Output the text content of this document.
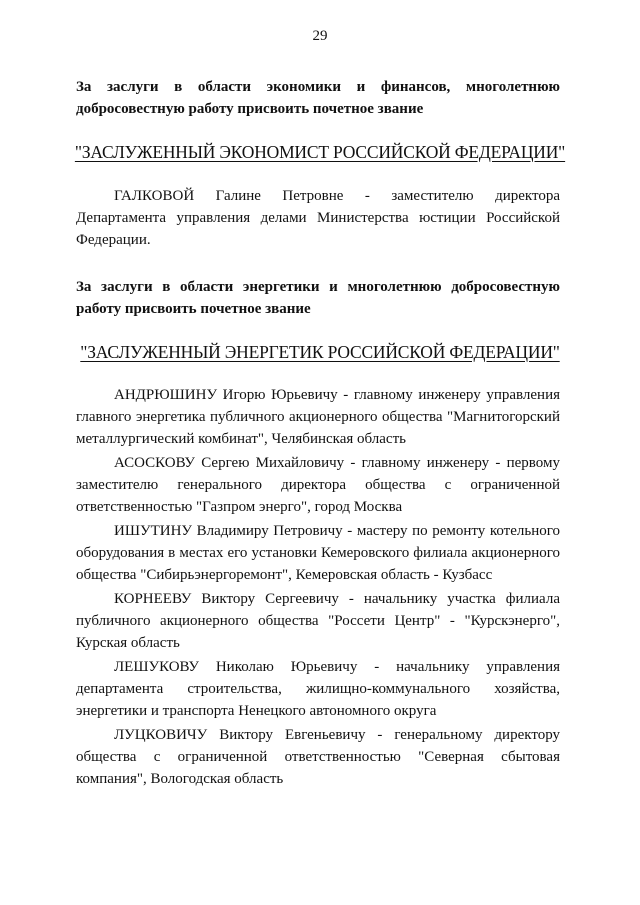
29
За заслуги в области экономики и финансов, многолетнюю добросовестную работу присвоить почетное звание
"ЗАСЛУЖЕННЫЙ ЭКОНОМИСТ РОССИЙСКОЙ ФЕДЕРАЦИИ"
ГАЛКОВОЙ Галине Петровне - заместителю директора Департамента управления делами Министерства юстиции Российской Федерации.
За заслуги в области энергетики и многолетнюю добросовестную работу присвоить почетное звание
"ЗАСЛУЖЕННЫЙ ЭНЕРГЕТИК РОССИЙСКОЙ ФЕДЕРАЦИИ"

АНДРЮШИНУ Игорю Юрьевичу - главному инженеру управления главного энергетика публичного акционерного общества "Магнитогорский металлургический комбинат", Челябинская область

АСОСКОВУ Сергею Михайловичу - главному инженеру - первому заместителю генерального директора общества с ограниченной ответственностью "Газпром энерго", город Москва

ИШУТИНУ Владимиру Петровичу - мастеру по ремонту котельного оборудования в местах его установки Кемеровского филиала акционерного общества "Сибирьэнергоремонт", Кемеровская область - Кузбасс

КОРНЕЕВУ Виктору Сергеевичу - начальнику участка филиала публичного акционерного общества "Россети Центр" - "Курскэнерго", Курская область

ЛЕШУКОВУ Николаю Юрьевичу - начальнику управления департамента строительства, жилищно-коммунального хозяйства, энергетики и транспорта Ненецкого автономного округа

ЛУЦКОВИЧУ Виктору Евгеньевичу - генеральному директору общества с ограниченной ответственностью "Северная сбытовая компания", Вологодская область
